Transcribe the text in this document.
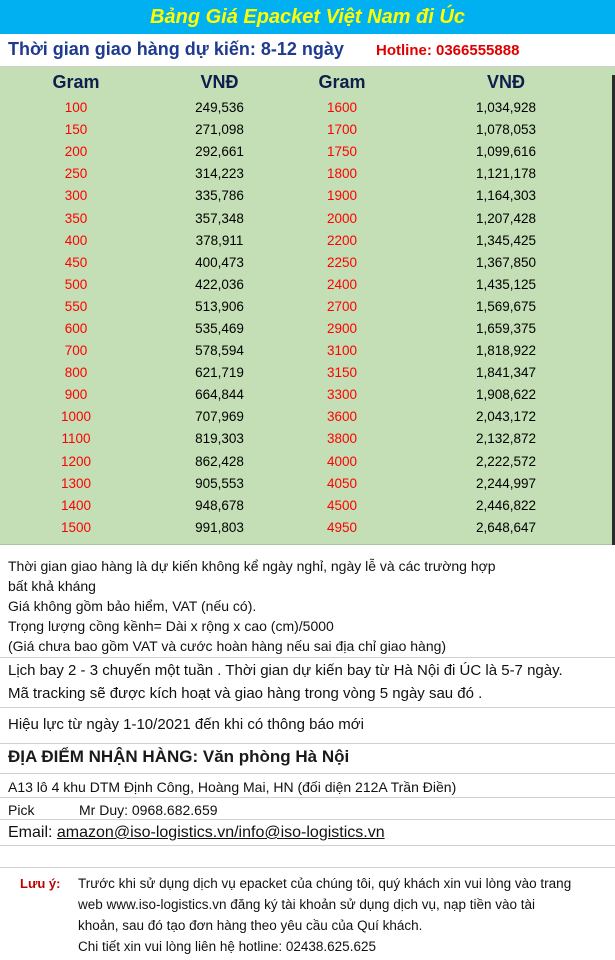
Bảng Giá Epacket Việt Nam đi Úc
Thời gian giao hàng dự kiến: 8-12 ngày Hotline: 0366555888
Gram	VNĐ	Gram	VNĐ
100	249,536	1600	1,034,928
150	271,098	1700	1,078,053
200	292,661	1750	1,099,616
250	314,223	1800	1,121,178
300	335,786	1900	1,164,303
350	357,348	2000	1,207,428
400	378,911	2200	1,345,425
450	400,473	2250	1,367,850
500	422,036	2400	1,435,125
550	513,906	2700	1,569,675
600	535,469	2900	1,659,375
700	578,594	3100	1,818,922
800	621,719	3150	1,841,347
900	664,844	3300	1,908,622
1000	707,969	3600	2,043,172
1100	819,303	3800	2,132,872
1200	862,428	4000	2,222,572
1300	905,553	4050	2,244,997
1400	948,678	4500	2,446,822
1500	991,803	4950	2,648,647
Thời gian giao hàng là dự kiến không kể ngày nghỉ, ngày lễ và các trường hợp
bất khả kháng
Giá không gồm bảo hiểm, VAT (nếu có).
Trọng lượng cồng kềnh= Dài x rộng x cao (cm)/5000
(Giá chưa bao gồm VAT và cước hoàn hàng nếu sai địa chỉ giao hàng)
Lịch bay 2 - 3 chuyến một tuần . Thời gian dự kiến bay từ Hà Nội đi ÚC là 5-7 ngày.
Mã tracking sẽ được kích hoạt và giao hàng trong vòng 5 ngày sau đó .
Hiệu lực từ ngày 1-10/2021 đến khi có thông báo mới
ĐỊA ĐIỂM NHẬN HÀNG: Văn phòng Hà Nội
A13 lô 4 khu DTM Định Công, Hoàng Mai, HN (đối diện 212A Trần Điền)
Pick	Mr Duy: 0968.682.659
Email: amazon@iso-logistics.vn/info@iso-logistics.vn
Lưu ý: Trước khi sử dụng dịch vụ epacket của chúng tôi, quý khách xin vui lòng vào trang
web www.iso-logistics.vn đăng ký tài khoản sử dụng dịch vụ, nạp tiền vào tài
khoản, sau đó tạo đơn hàng theo yêu cầu của Quí khách.
Chi tiết xin vui lòng liên hệ hotline: 02438.625.625
